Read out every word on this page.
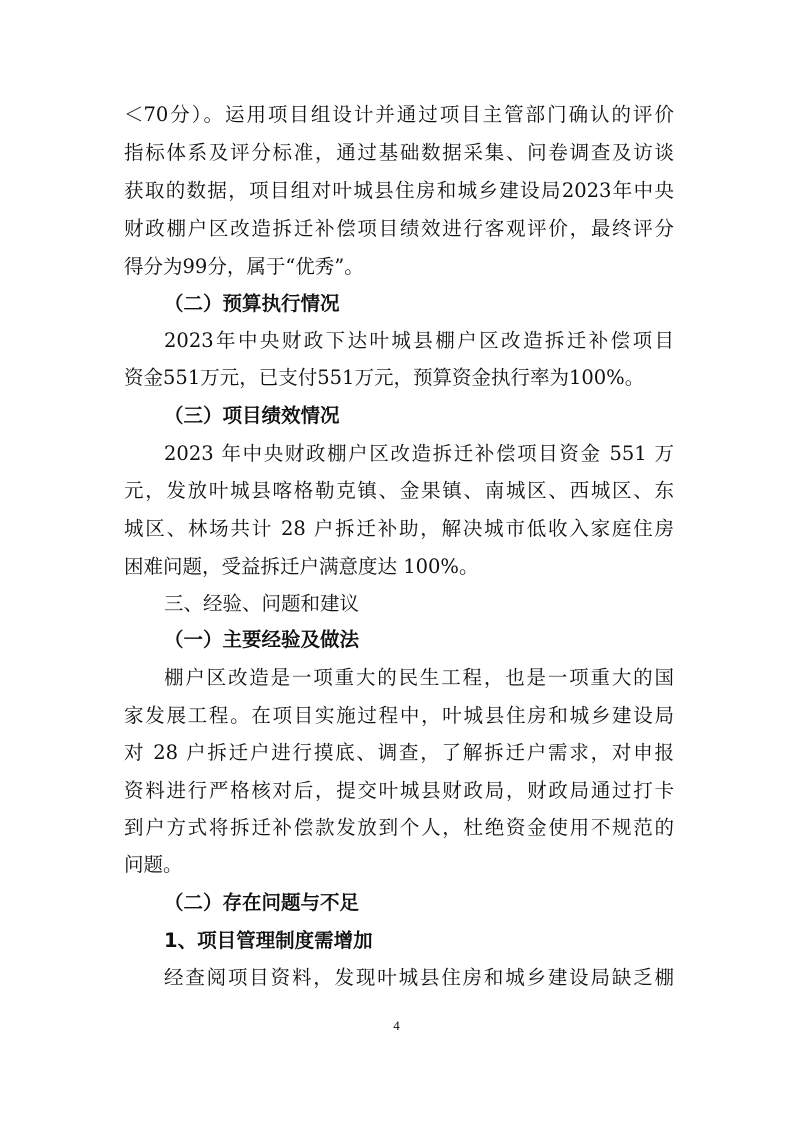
＜70分）。运用项目组设计并通过项目主管部门确认的评价
指标体系及评分标准，通过基础数据采集、问卷调查及访谈
获取的数据，项目组对叶城县住房和城乡建设局2023年中央
财政棚户区改造拆迁补偿项目绩效进行客观评价，最终评分
得分为99分，属于“优秀”。
（二）预算执行情况
2023年中央财政下达叶城县棚户区改造拆迁补偿项目
资金551万元，已支付551万元，预算资金执行率为100%。
（三）项目绩效情况
2023 年中央财政棚户区改造拆迁补偿项目资金 551 万
元，发放叶城县喀格勒克镇、金果镇、南城区、西城区、东
城区、林场共计 28 户拆迁补助，解决城市低收入家庭住房
困难问题，受益拆迁户满意度达 100%。
三、经验、问题和建议
（一）主要经验及做法
棚户区改造是一项重大的民生工程，也是一项重大的国
家发展工程。在项目实施过程中，叶城县住房和城乡建设局
对 28 户拆迁户进行摸底、调查，了解拆迁户需求，对申报
资料进行严格核对后，提交叶城县财政局，财政局通过打卡
到户方式将拆迁补偿款发放到个人，杜绝资金使用不规范的
问题。
（二）存在问题与不足
1、项目管理制度需增加
经查阅项目资料，发现叶城县住房和城乡建设局缺乏棚
4
